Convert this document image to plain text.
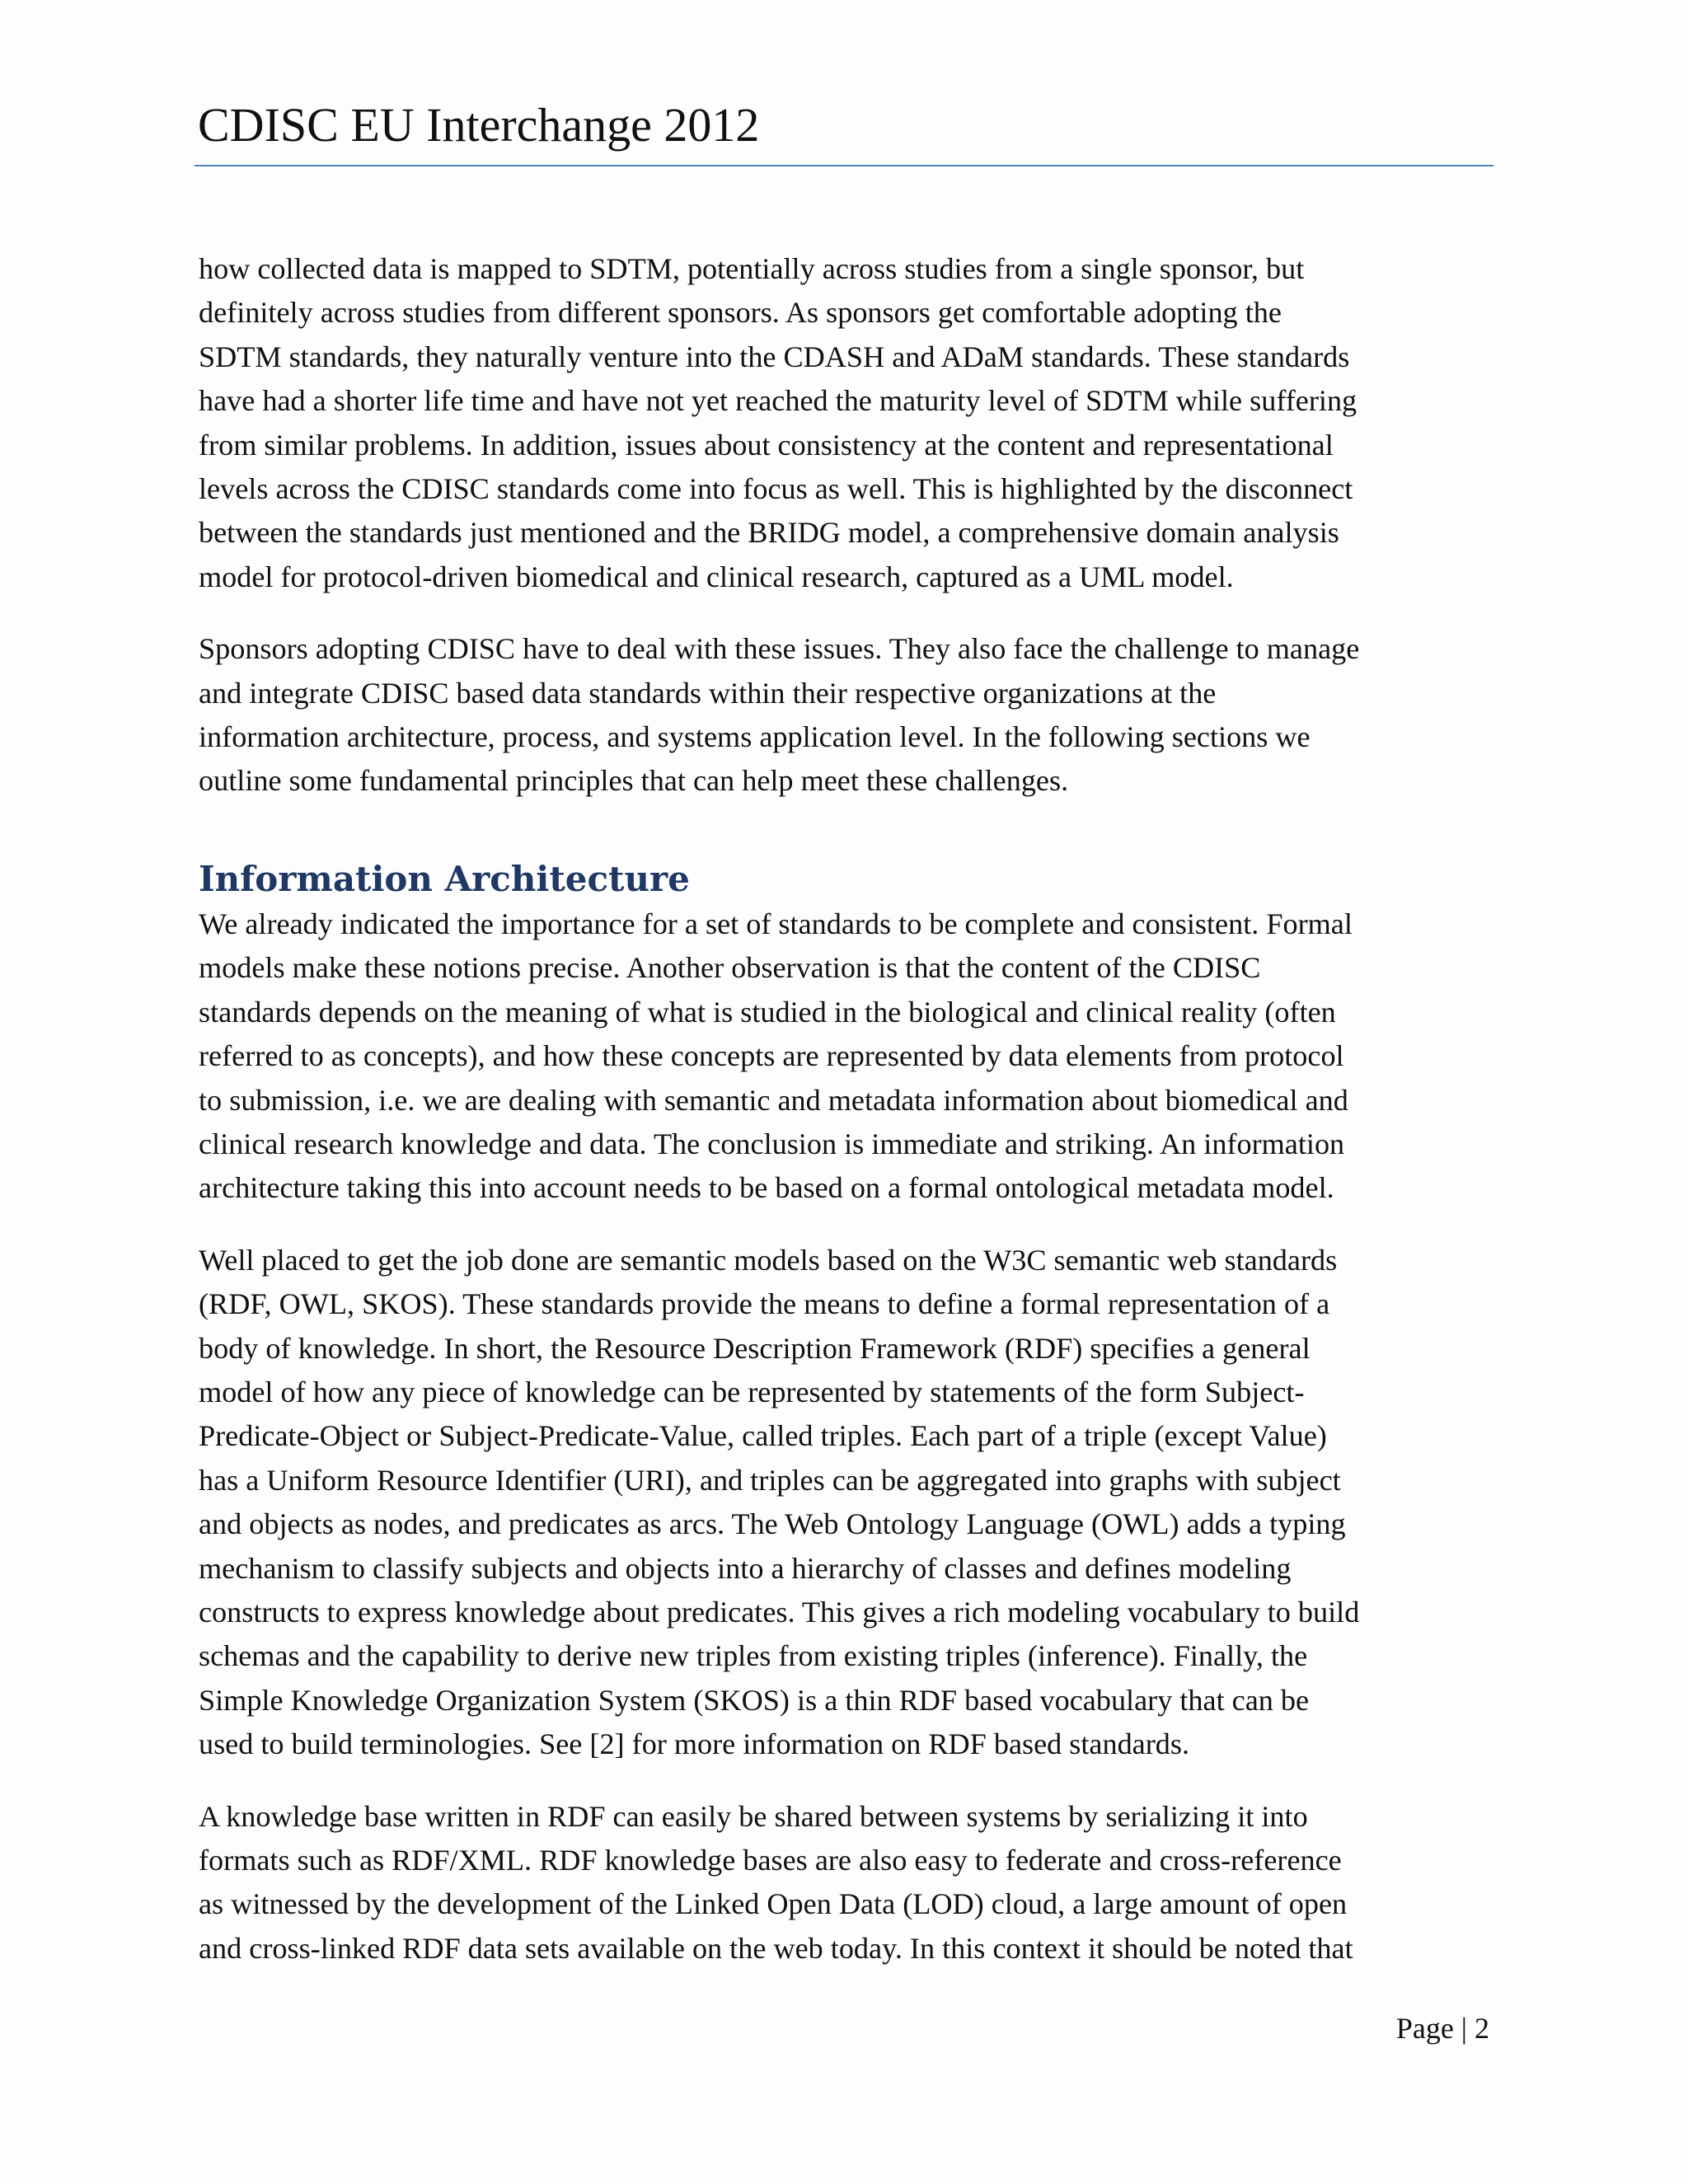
CDISC EU Interchange 2012

how collected data is mapped to SDTM, potentially across studies from a single sponsor, but
definitely across studies from different sponsors. As sponsors get comfortable adopting the
SDTM standards, they naturally venture into the CDASH and ADaM standards. These standards
have had a shorter life time and have not yet reached the maturity level of SDTM while suffering
from similar problems. In addition, issues about consistency at the content and representational
levels across the CDISC standards come into focus as well. This is highlighted by the disconnect
between the standards just mentioned and the BRIDG model, a comprehensive domain analysis
model for protocol-driven biomedical and clinical research, captured as a UML model.

Sponsors adopting CDISC have to deal with these issues. They also face the challenge to manage
and integrate CDISC based data standards within their respective organizations at the
information architecture, process, and systems application level. In the following sections we
outline some fundamental principles that can help meet these challenges.

Information Architecture

We already indicated the importance for a set of standards to be complete and consistent. Formal
models make these notions precise. Another observation is that the content of the CDISC
standards depends on the meaning of what is studied in the biological and clinical reality (often
referred to as concepts), and how these concepts are represented by data elements from protocol
to submission, i.e. we are dealing with semantic and metadata information about biomedical and
clinical research knowledge and data. The conclusion is immediate and striking. An information
architecture taking this into account needs to be based on a formal ontological metadata model.

Well placed to get the job done are semantic models based on the W3C semantic web standards
(RDF, OWL, SKOS). These standards provide the means to define a formal representation of a
body of knowledge. In short, the Resource Description Framework (RDF) specifies a general
model of how any piece of knowledge can be represented by statements of the form Subject-
Predicate-Object or Subject-Predicate-Value, called triples. Each part of a triple (except Value)
has a Uniform Resource Identifier (URI), and triples can be aggregated into graphs with subject
and objects as nodes, and predicates as arcs. The Web Ontology Language (OWL) adds a typing
mechanism to classify subjects and objects into a hierarchy of classes and defines modeling
constructs to express knowledge about predicates. This gives a rich modeling vocabulary to build
schemas and the capability to derive new triples from existing triples (inference). Finally, the
Simple Knowledge Organization System (SKOS) is a thin RDF based vocabulary that can be
used to build terminologies. See [2] for more information on RDF based standards.

A knowledge base written in RDF can easily be shared between systems by serializing it into
formats such as RDF/XML. RDF knowledge bases are also easy to federate and cross-reference
as witnessed by the development of the Linked Open Data (LOD) cloud, a large amount of open
and cross-linked RDF data sets available on the web today. In this context it should be noted that

Page | 2
